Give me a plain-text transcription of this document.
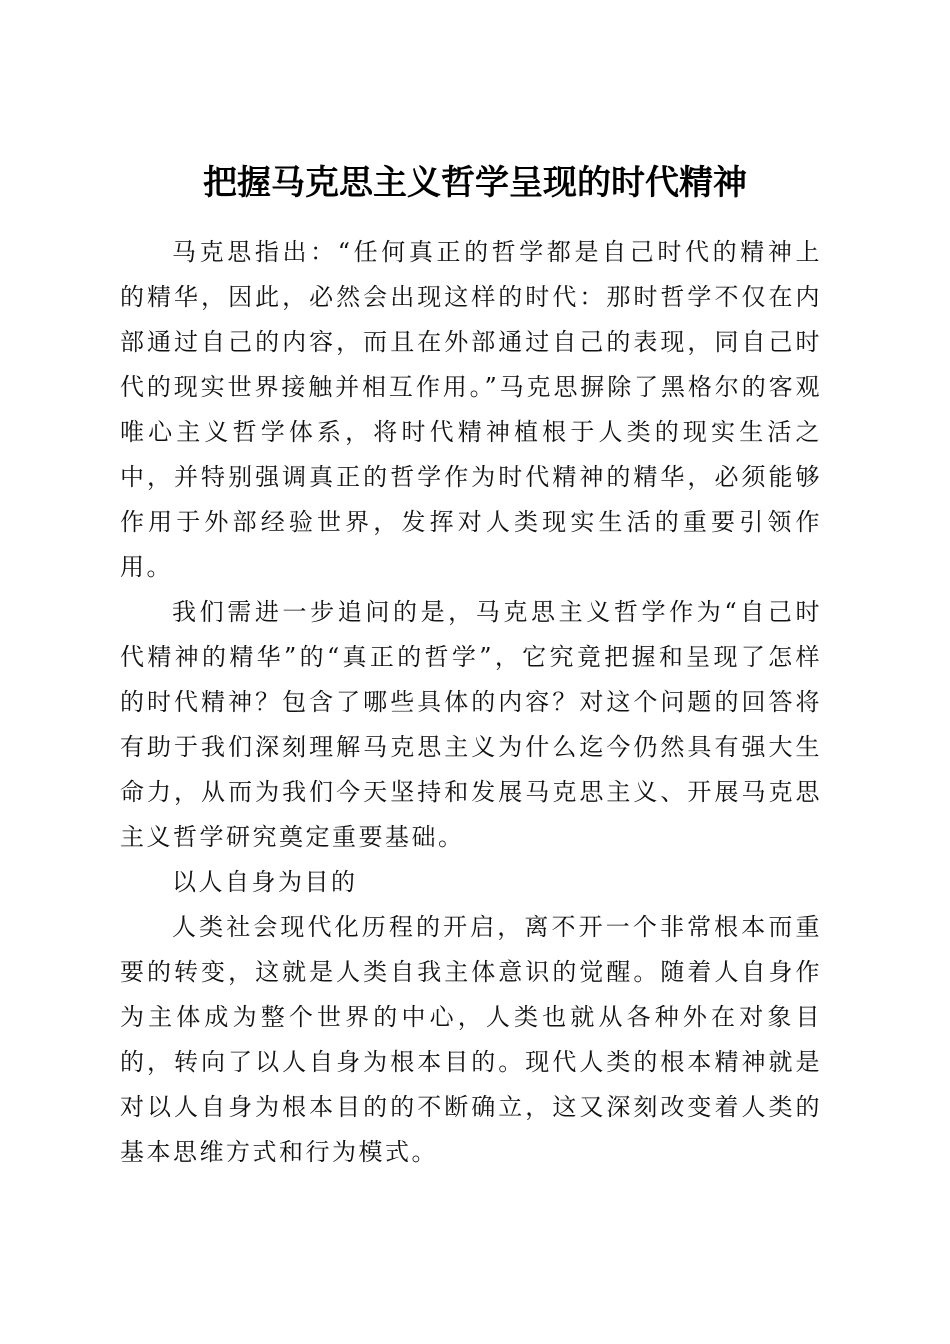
把握马克思主义哲学呈现的时代精神

马克思指出：“任何真正的哲学都是自己时代的精神上的精华，因此，必然会出现这样的时代：那时哲学不仅在内部通过自己的内容，而且在外部通过自己的表现，同自己时代的现实世界接触并相互作用。”马克思摒除了黑格尔的客观唯心主义哲学体系，将时代精神植根于人类的现实生活之中，并特别强调真正的哲学作为时代精神的精华，必须能够作用于外部经验世界，发挥对人类现实生活的重要引领作用。

我们需进一步追问的是，马克思主义哲学作为“自己时代精神的精华”的“真正的哲学”，它究竟把握和呈现了怎样的时代精神？包含了哪些具体的内容？对这个问题的回答将有助于我们深刻理解马克思主义为什么迄今仍然具有强大生命力，从而为我们今天坚持和发展马克思主义、开展马克思主义哲学研究奠定重要基础。

以人自身为目的

人类社会现代化历程的开启，离不开一个非常根本而重要的转变，这就是人类自我主体意识的觉醒。随着人自身作为主体成为整个世界的中心，人类也就从各种外在对象目的，转向了以人自身为根本目的。现代人类的根本精神就是对以人自身为根本目的的不断确立，这又深刻改变着人类的基本思维方式和行为模式。
